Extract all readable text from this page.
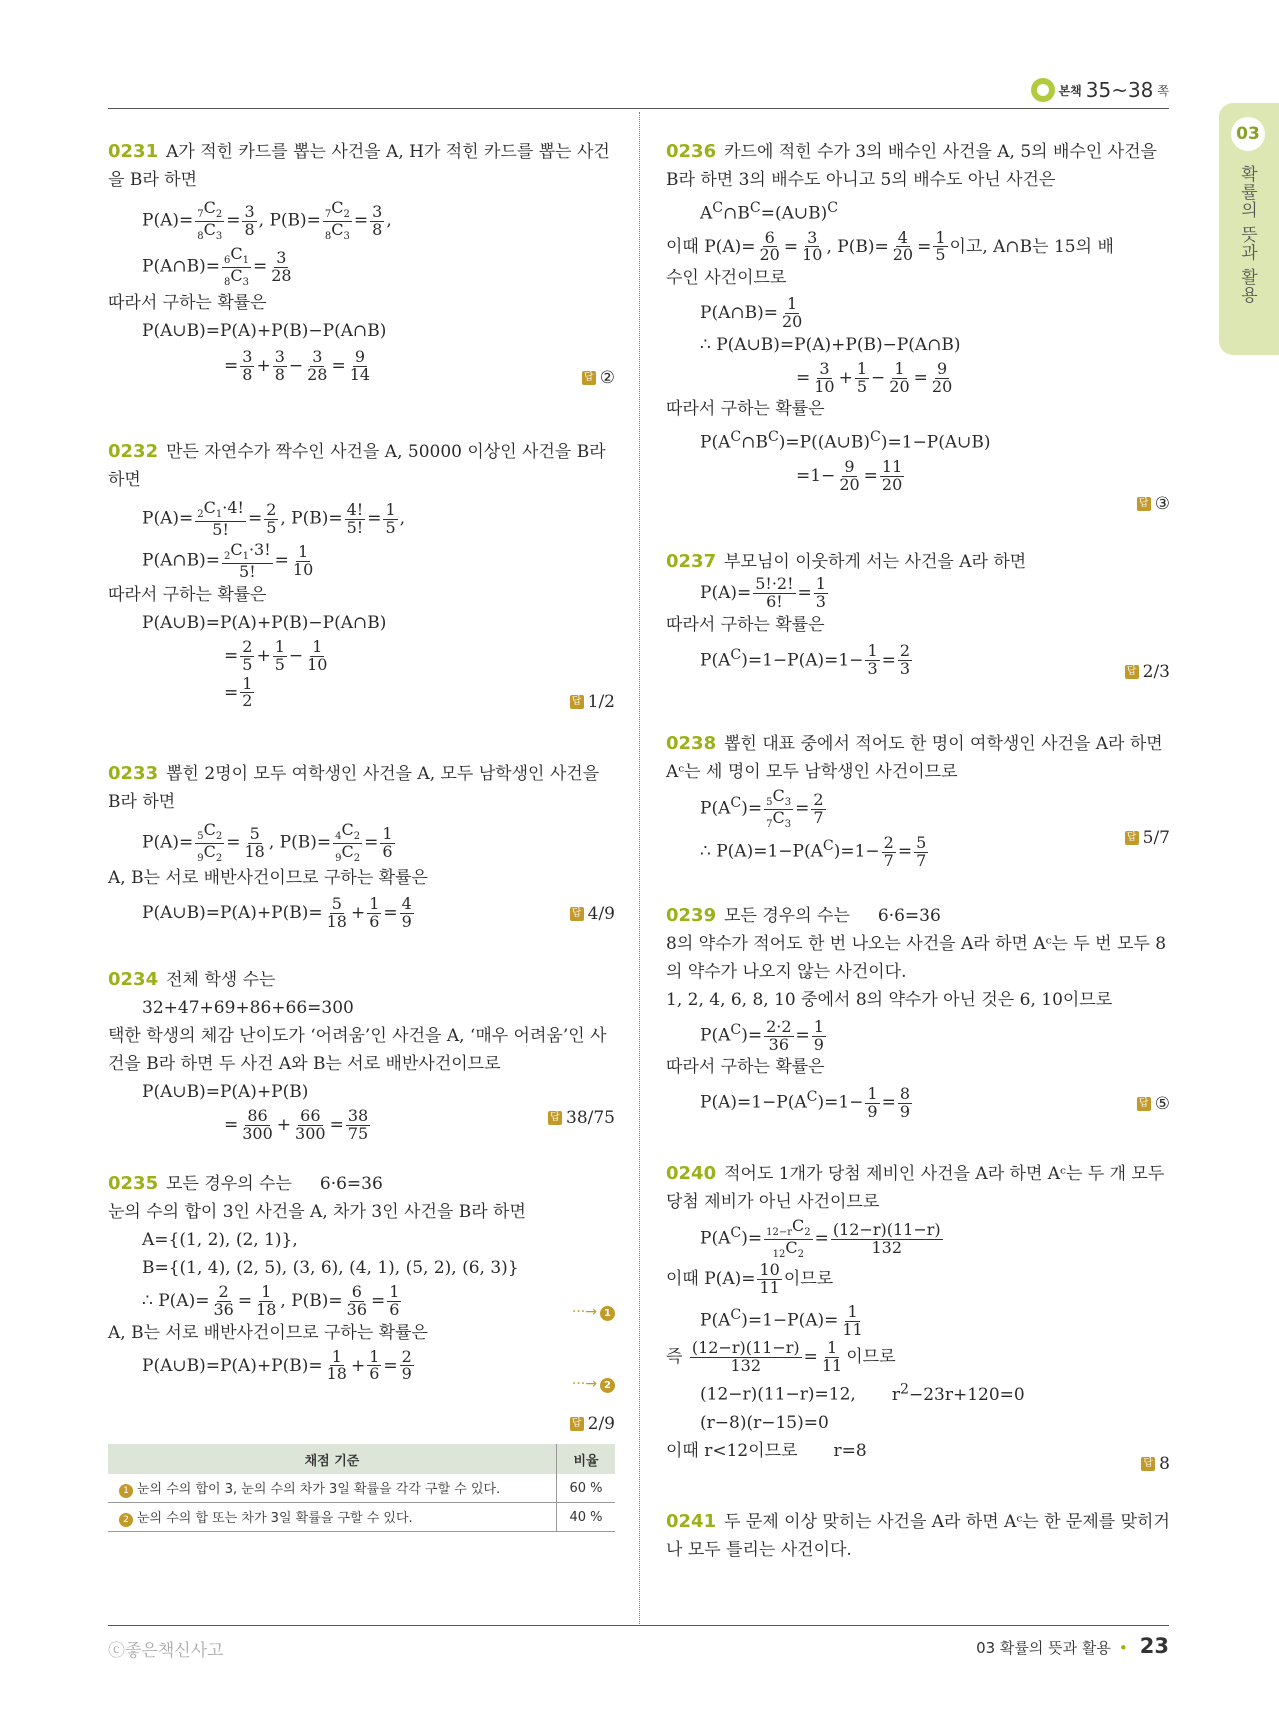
본책 35~38 쪽
03
확률의 뜻과 활용

0231 A가 적힌 카드를 뽑는 사건을 A, H가 적힌 카드를 뽑는 사건을 B라 하면

$P(A)= \frac{_7C_2}{_8C_3} = \frac{3}{8}$ , $P(B)= \frac{_7C_2}{_8C_3} = \frac{3}{8}$ ,

P(A∩B)= $\frac{_6C_1}{_8C_3} = \frac{3}{28}$

따라서 구하는 확률은

P(A∪B)=P(A)+P(B)−P(A∩B)

= $\frac{3}{8} + \frac{3}{8} - \frac{3}{28} = \frac{9}{14}$	답 ②

0232 만든 자연수가 짝수인 사건을 A, 50000 이상인 사건을 B라 하면

$P(A)= \frac{_2C_1\cdot 4!}{5!} = \frac{2}{5}$ , $P(B)= \frac{4!}{5!} = \frac{1}{5}$ ,

P(A∩B)= $\frac{_2C_1\cdot 3!}{5!} = \frac{1}{10}$

따라서 구하는 확률은

P(A∪B)=P(A)+P(B)−P(A∩B)

= $\frac{2}{5} + \frac{1}{5} - \frac{1}{10}$

= $\frac{1}{2}$	답 1/2

0233 뽑힌 2명이 모두 여학생인 사건을 A, 모두 남학생인 사건을 B라 하면

$P(A)= \frac{_5C_2}{_9C_2} = \frac{5}{18}$ , $P(B)= \frac{_4C_2}{_9C_2} = \frac{1}{6}$

A, B는 서로 배반사건이므로 구하는 확률은

P(A∪B)=P(A)+P(B)= $\frac{5}{18} + \frac{1}{6} = \frac{4}{9}$	답 4/9

0234 전체 학생 수는

32+47+69+86+66=300

택한 학생의 체감 난이도가 ‘어려움’인 사건을 A, ‘매우 어려움’인 사건을 B라 하면 두 사건 A와 B는 서로 배반사건이므로

P(A∪B)=P(A)+P(B)

= $\frac{86}{300} + \frac{66}{300} = \frac{38}{75}$	답 38/75

0235 모든 경우의 수는 6·6=36

눈의 수의 합이 3인 사건을 A, 차가 3인 사건을 B라 하면

A={(1, 2), (2, 1)},

B={(1, 4), (2, 5), (3, 6), (4, 1), (5, 2), (6, 3)}

∴ $P(A)= \frac{2}{36} = \frac{1}{18}$ , $P(B)= \frac{6}{36} = \frac{1}{6}$

A, B는 서로 배반사건이므로 구하는 확률은

P(A∪B)=P(A)+P(B)= $\frac{1}{18} + \frac{1}{6} = \frac{2}{9}$

···→ 1
···→ 2
답 2/9
채점 기준	비율
1 눈의 수의 합이 3, 눈의 수의 차가 3일 확률을 각각 구할 수 있다.	60 %
2 눈의 수의 합 또는 차가 3일 확률을 구할 수 있다.	40 %

0236 카드에 적힌 수가 3의 배수인 사건을 A, 5의 배수인 사건을 B라 하면 3의 배수도 아니고 5의 배수도 아닌 사건은

$A^C\cap B^C=(A\cup B)^C$

이때 $P(A)= \frac{6}{20} = \frac{3}{10}$ , $P(B)= \frac{4}{20} = \frac{1}{5}$ 이고, A∩B는 15의 배

수인 사건이므로

P(A∩B)= $\frac{1}{20}$

∴ P(A∪B)=P(A)+P(B)−P(A∩B)

= $\frac{3}{10} + \frac{1}{5} - \frac{1}{20} = \frac{9}{20}$

따라서 구하는 확률은

$P(A^C\cap B^C)=P((A\cup B)^C)=1-P(A\cup B)$

$=1- \frac{9}{20} = \frac{11}{20}$

답 ③

0237 부모님이 이웃하게 서는 사건을 A라 하면

$P(A)= \frac{5!\cdot 2!}{6!} = \frac{1}{3}$

따라서 구하는 확률은

$P(A^C)=1-P(A)=1- \frac{1}{3} = \frac{2}{3}$	답 2/3

0238 뽑힌 대표 중에서 적어도 한 명이 여학생인 사건을 A라 하면 Aᶜ는 세 명이 모두 남학생인 사건이므로

$P(A^C)= \frac{_5C_3}{_7C_3} = \frac{2}{7}$

∴ $P(A)=1-P(A^C)=1- \frac{2}{7} = \frac{5}{7}$	답 5/7

0239 모든 경우의 수는 6·6=36

8의 약수가 적어도 한 번 나오는 사건을 A라 하면 Aᶜ는 두 번 모두 8의 약수가 나오지 않는 사건이다.

1, 2, 4, 6, 8, 10 중에서 8의 약수가 아닌 것은 6, 10이므로

$P(A^C)= \frac{2\cdot 2}{36} = \frac{1}{9}$

따라서 구하는 확률은

$P(A)=1-P(A^C)=1- \frac{1}{9} = \frac{8}{9}$	답 ⑤

0240 적어도 1개가 당첨 제비인 사건을 A라 하면 Aᶜ는 두 개 모두 당첨 제비가 아닌 사건이므로

$P(A^C)= \frac{_{12-r}C_2}{_{12}C_2} = \frac{(12-r)(11-r)}{132}$

이때 $P(A)= \frac{10}{11}$ 이므로

$P(A^C)=1-P(A)= \frac{1}{11}$

즉 $\frac{(12-r)(11-r)}{132} = \frac{1}{11}$ 이므로

(12−r)(11−r)=12, $r^2-23r+120=0$

(r−8)(r−15)=0

이때 r<12이므로 r=8

답 8

0241 두 문제 이상 맞히는 사건을 A라 하면 Aᶜ는 한 문제를 맞히거나 모두 틀리는 사건이다.

ⓒ좋은책신사고	03 확률의 뜻과 활용 • 23
